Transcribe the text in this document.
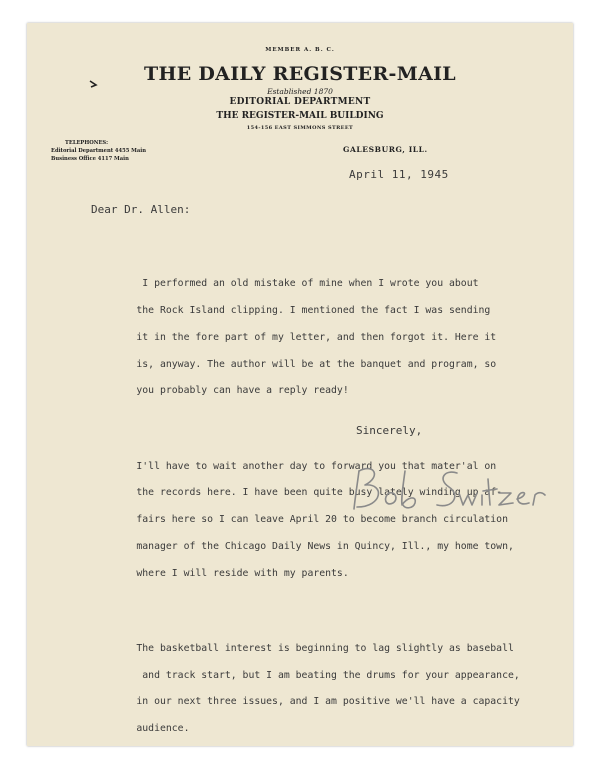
MEMBER A. B. C.
THE DAILY REGISTER-MAIL
Established 1870
EDITORIAL DEPARTMENT
THE REGISTER-MAIL BUILDING
154-156 EAST SIMMONS STREET
TELEPHONES:
Editorial Department 4455 Main
Business Office 4117 Main
GALESBURG, ILL.
April 11, 1945
Dear Dr. Allen:

I performed an old mistake of mine when I wrote you about

the Rock Island clipping. I mentioned the fact I was sending

it in the fore part of my letter, and then forgot it. Here it

is, anyway. The author will be at the banquet and program, so

you probably can have a reply ready!

I'll have to wait another day to forward you that mater'al on

the records here. I have been quite busy lately winding up af-

fairs here so I can leave April 20 to become branch circulation

manager of the Chicago Daily News in Quincy, Ill., my home town,

where I will reside with my parents.

The basketball interest is beginning to lag slightly as baseball

and track start, but I am beating the drums for your appearance,

in our next three issues, and I am positive we'll have a capacity

audience.

Sincerely,
